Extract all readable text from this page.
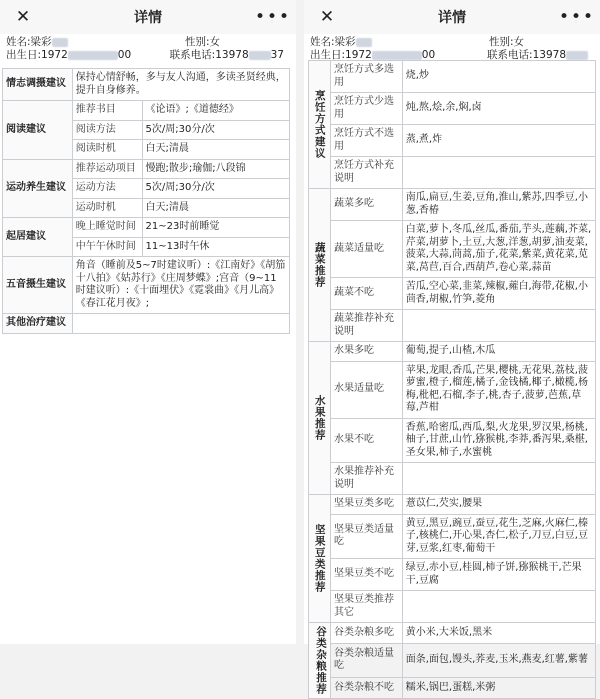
✕	详情	•••
姓名:梁彩	性别:女
出生日:1972	00	联系电话:13978 37
情志调摄建议	保持心情舒畅，多与友人沟通，多读圣贤经典，提升自身修养。	
阅读建议	推荐书目	《论语》;《道德经》
	阅读方法	5次/周;30分/次
	阅读时机	白天;清晨
运动养生建议	推荐运动项目	慢跑;散步;瑜伽;八段锦
	运动方法	5次/周;30分/次
	运动时机	白天;清晨
起居建议	晚上睡觉时间	21~23时前睡觉
	中午午休时间	11~13时午休
五音摄生建议	角音（睡前及5~7时建议听）:《江南好》《胡笳十八拍》《姑苏行》《庄周梦蝶》;宫音（9~11时建议听）:《十面埋伏》《霓裳曲》《月儿高》《春江花月夜》;	
其他治疗建议		
✕	详情	•••
姓名:梁彩	性别:女
出生日:1972	00	联系电话:13978
烹饪方式建议	烹饪方式多选用	烧,炒
	烹饪方式少选用	炖,熬,烩,余,焖,卤
	烹饪方式不选用	蒸,煮,炸
	烹饪方式补充说明	
蔬菜推荐	蔬菜多吃	南瓜,扁豆,生姜,豆角,淮山,紫苏,四季豆,小葱,香椿
	蔬菜适量吃	白菜,萝卜,冬瓜,丝瓜,番茄,芋头,莲藕,芥菜,芹菜,胡萝卜,土豆,大葱,洋葱,胡萝,油麦菜,菠菜,大蒜,茼蒿,茄子,花菜,紫菜,黄花菜,苋菜,莴苣,百合,西葫芦,卷心菜,蒜苗
	蔬菜不吃	苦瓜,空心菜,韭菜,辣椒,蕹白,海带,花椒,小茴香,胡椒,竹笋,菱角
	蔬菜推荐补充说明	
水果推荐	水果多吃	葡萄,提子,山楂,木瓜
	水果适量吃	苹果,龙眼,香瓜,芒果,樱桃,无花果,荔枝,菠萝蜜,橙子,榴莲,橘子,金钱橘,椰子,橄榄,杨梅,枇杷,石榴,李子,桃,杏子,菠萝,芭蕉,草莓,芦柑
	水果不吃	香蕉,哈密瓜,西瓜,梨,火龙果,罗汉果,杨桃,柚子,甘蔗,山竹,猕猴桃,李莽,番泻果,桑椹,圣女果,柿子,水蜜桃
	水果推荐补充说明	
坚果豆类推荐	坚果豆类多吃	薏苡仁,芡实,腰果
	坚果豆类适量吃	黄豆,黑豆,豌豆,蚕豆,花生,芝麻,火麻仁,榛子,核桃仁,开心果,杏仁,松子,刀豆,白豆,豆芽,豆浆,红枣,葡萄干
	坚果豆类不吃	绿豆,赤小豆,桂圆,柿子饼,猕猴桃干,芒果干,豆腐
	坚果豆类推荐其它	
谷类杂粮推荐	谷类杂粮多吃	黄小米,大米饭,黑米
	谷类杂粮适量吃	面条,面包,馒头,荞麦,玉米,燕麦,红薯,紫薯
	谷类杂粮不吃	糯米,锅巴,蛋糕,米粥
